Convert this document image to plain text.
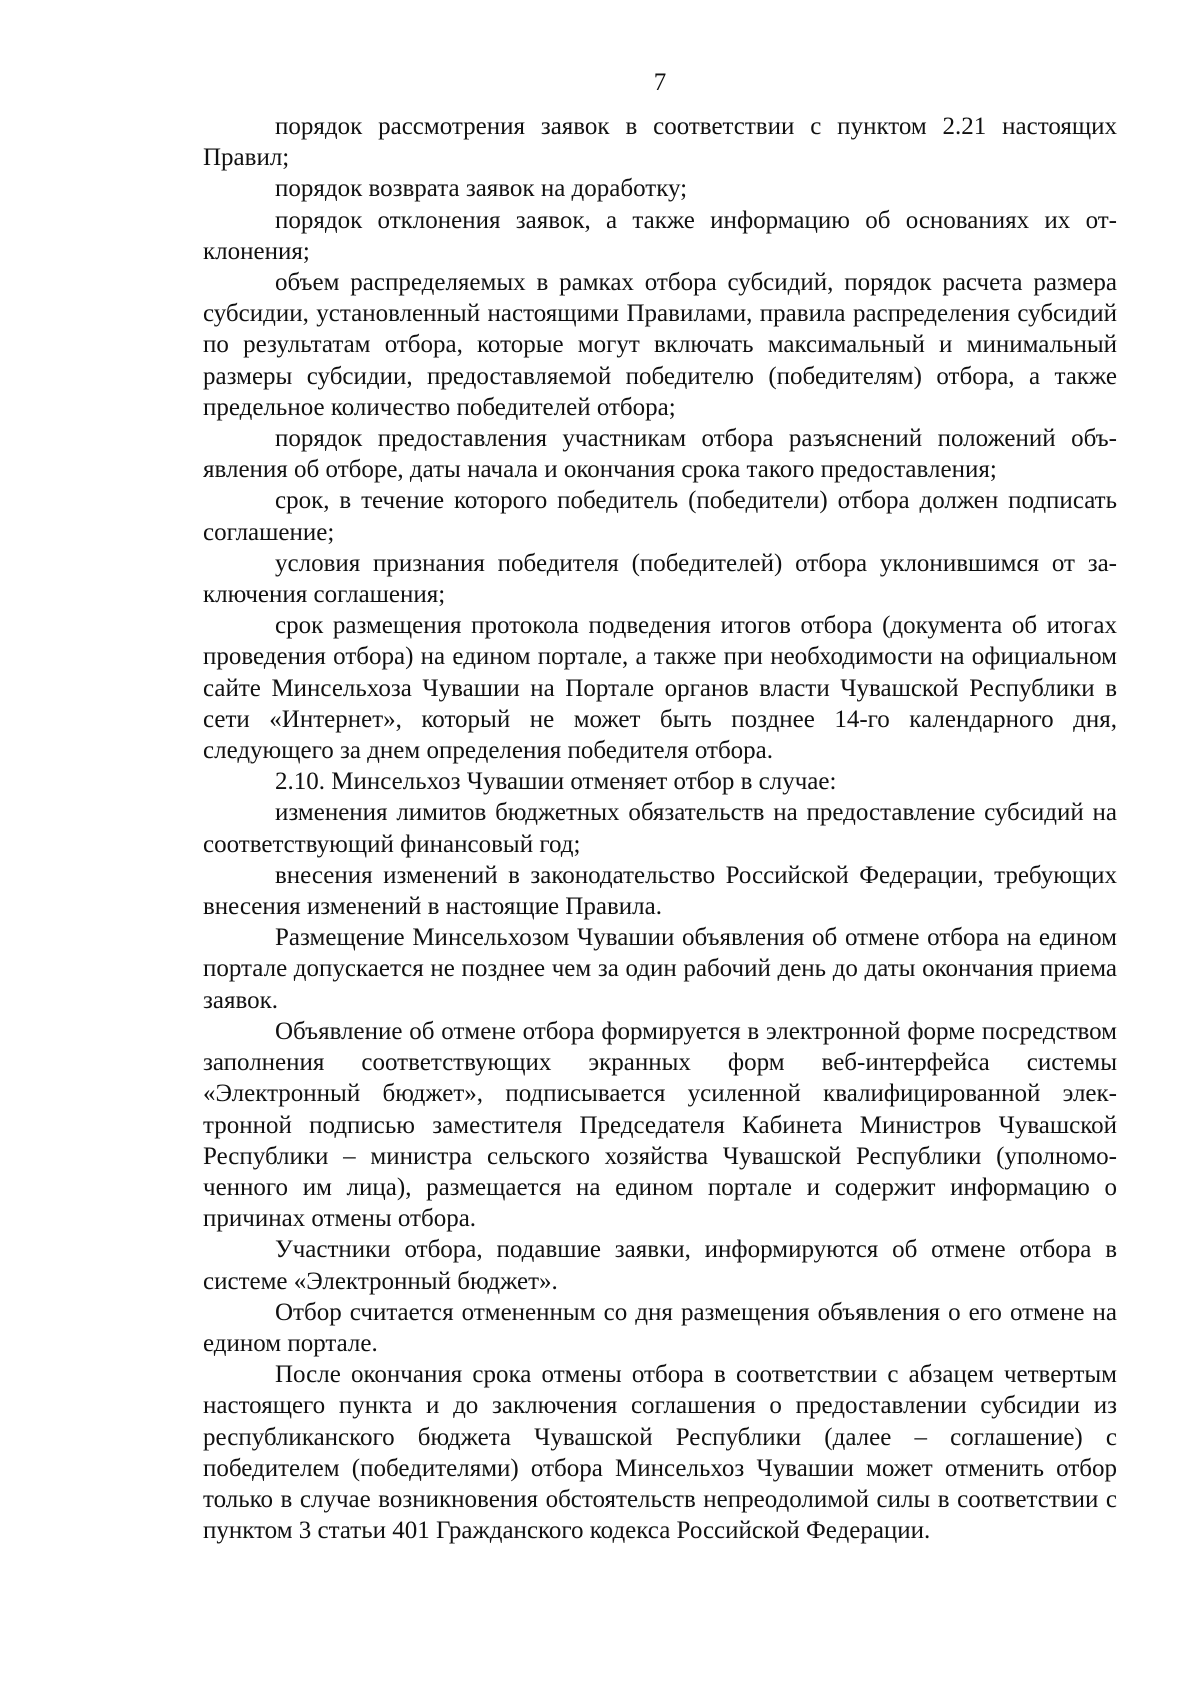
7

порядок рассмотрения заявок в соответствии с пунктом 2.21 настоящих Правил;

порядок возврата заявок на доработку;

порядок отклонения заявок, а также информацию об основаниях их отклонения;

объем распределяемых в рамках отбора субсидий, порядок расчета размера субсидии, установленный настоящими Правилами, правила распределения субсидий по результатам отбора, которые могут включать максимальный и минимальный размеры субсидии, предоставляемой победителю (победителям) отбора, а также предельное количество победителей отбора;

порядок предоставления участникам отбора разъяснений положений объявления об отборе, даты начала и окончания срока такого предоставления;

срок, в течение которого победитель (победители) отбора должен подписать соглашение;

условия признания победителя (победителей) отбора уклонившимся от заключения соглашения;

срок размещения протокола подведения итогов отбора (документа об итогах проведения отбора) на едином портале, а также при необходимости на официальном сайте Минсельхоза Чувашии на Портале органов власти Чувашской Республики в сети «Интернет», который не может быть позднее 14-го календарного дня, следующего за днем определения победителя отбора.

2.10. Минсельхоз Чувашии отменяет отбор в случае:

изменения лимитов бюджетных обязательств на предоставление субсидий на соответствующий финансовый год;

внесения изменений в законодательство Российской Федерации, требующих внесения изменений в настоящие Правила.

Размещение Минсельхозом Чувашии объявления об отмене отбора на едином портале допускается не позднее чем за один рабочий день до даты окончания приема заявок.

Объявление об отмене отбора формируется в электронной форме посредством заполнения соответствующих экранных форм веб-интерфейса системы «Электронный бюджет», подписывается усиленной квалифицированной электронной подписью заместителя Председателя Кабинета Министров Чувашской Республики – министра сельского хозяйства Чувашской Республики (уполномоченного им лица), размещается на едином портале и содержит информацию о причинах отмены отбора.

Участники отбора, подавшие заявки, информируются об отмене отбора в системе «Электронный бюджет».

Отбор считается отмененным со дня размещения объявления о его отмене на едином портале.

После окончания срока отмены отбора в соответствии с абзацем четвертым настоящего пункта и до заключения соглашения о предоставлении субсидии из республиканского бюджета Чувашской Республики (далее – соглашение) с победителем (победителями) отбора Минсельхоз Чувашии может отменить отбор только в случае возникновения обстоятельств непреодолимой силы в соответствии с пунктом 3 статьи 401 Гражданского кодекса Российской Федерации.
